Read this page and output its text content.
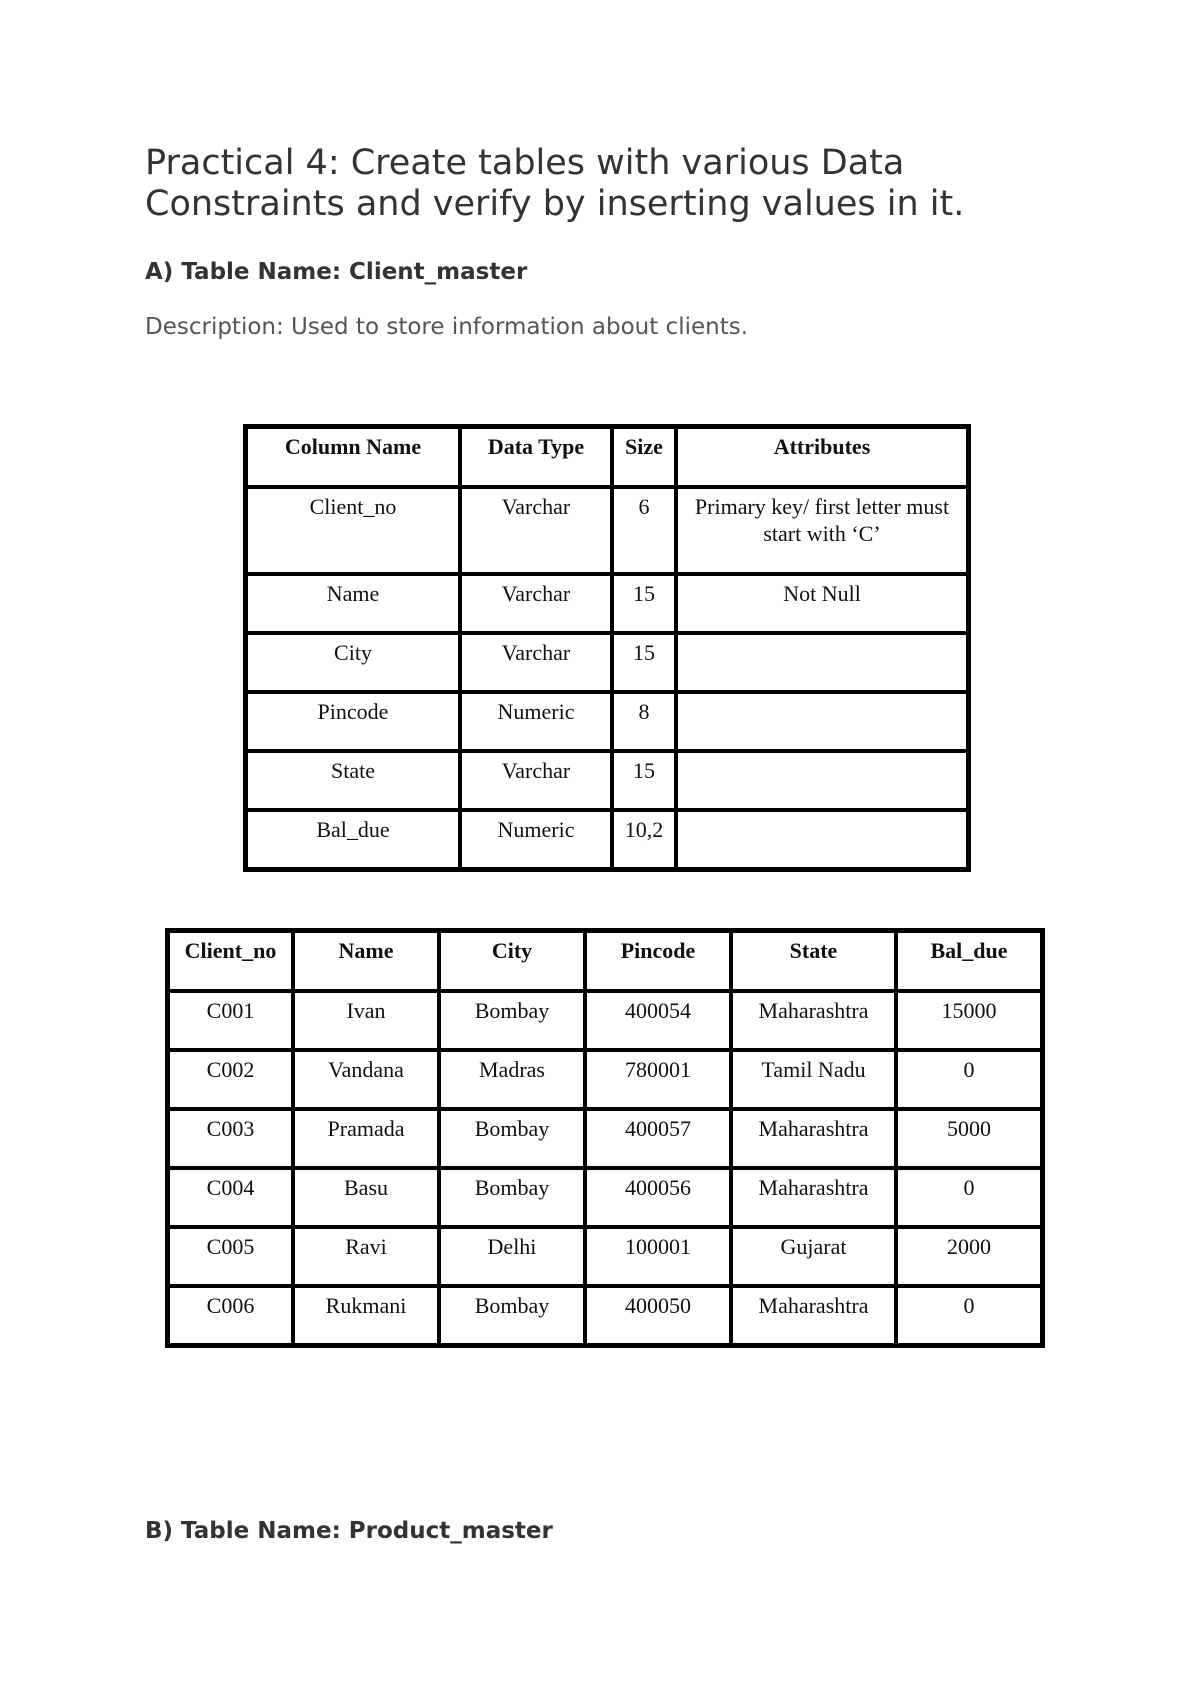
Practical 4: Create tables with various Data Constraints and verify by inserting values in it.
A) Table Name: Client_master

Description: Used to store information about clients.

Column Name	Data Type	Size	Attributes
Client_no	Varchar	6	Primary key/ first letter must start with ‘C’
Name	Varchar	15	Not Null
City	Varchar	15	
Pincode	Numeric	8	
State	Varchar	15	
Bal_due	Numeric	10,2	
Client_no	Name	City	Pincode	State	Bal_due
C001	Ivan	Bombay	400054	Maharashtra	15000
C002	Vandana	Madras	780001	Tamil Nadu	0
C003	Pramada	Bombay	400057	Maharashtra	5000
C004	Basu	Bombay	400056	Maharashtra	0
C005	Ravi	Delhi	100001	Gujarat	2000
C006	Rukmani	Bombay	400050	Maharashtra	0
B) Table Name: Product_master
